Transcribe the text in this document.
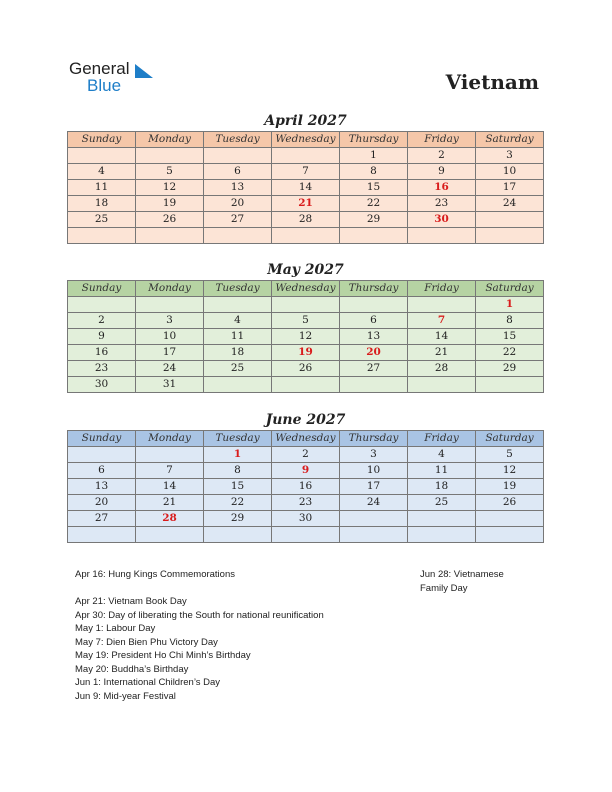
General
Blue	Vietnam
April 2027
Sunday	Monday	Tuesday	Wednesday	Thursday	Friday	Saturday
				1	2	3
4	5	6	7	8	9	10
11	12	13	14	15	16	17
18	19	20	21	22	23	24
25	26	27	28	29	30	

May 2027
Sunday	Monday	Tuesday	Wednesday	Thursday	Friday	Saturday
						1
2	3	4	5	6	7	8
9	10	11	12	13	14	15
16	17	18	19	20	21	22
23	24	25	26	27	28	29
30	31					
June 2027
Sunday	Monday	Tuesday	Wednesday	Thursday	Friday	Saturday
		1	2	3	4	5
6	7	8	9	10	11	12
13	14	15	16	17	18	19
20	21	22	23	24	25	26
27	28	29	30			

Apr 16: Hung Kings Commemorations

Apr 21: Vietnam Book Day
Apr 30: Day of liberating the South for national reunification
May 1: Labour Day
May 7: Dien Bien Phu Victory Day
May 19: President Ho Chi Minh’s Birthday
May 20: Buddha’s Birthday
Jun 1: International Children’s Day
Jun 9: Mid-year Festival
Jun 28: Vietnamese
Family Day
